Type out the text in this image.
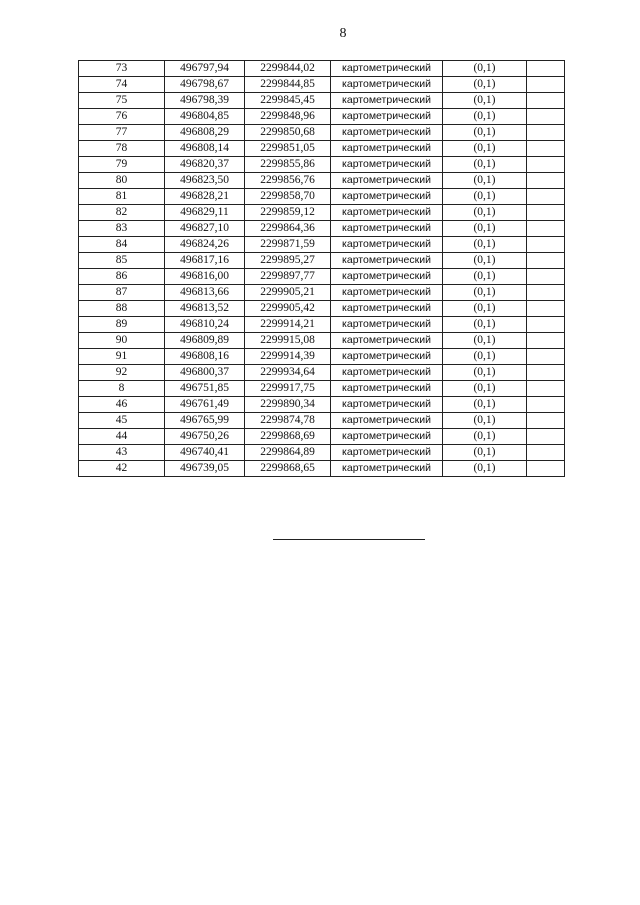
8
73	496797,94	2299844,02	картометрический	(0,1)	
74	496798,67	2299844,85	картометрический	(0,1)	
75	496798,39	2299845,45	картометрический	(0,1)	
76	496804,85	2299848,96	картометрический	(0,1)	
77	496808,29	2299850,68	картометрический	(0,1)	
78	496808,14	2299851,05	картометрический	(0,1)	
79	496820,37	2299855,86	картометрический	(0,1)	
80	496823,50	2299856,76	картометрический	(0,1)	
81	496828,21	2299858,70	картометрический	(0,1)	
82	496829,11	2299859,12	картометрический	(0,1)	
83	496827,10	2299864,36	картометрический	(0,1)	
84	496824,26	2299871,59	картометрический	(0,1)	
85	496817,16	2299895,27	картометрический	(0,1)	
86	496816,00	2299897,77	картометрический	(0,1)	
87	496813,66	2299905,21	картометрический	(0,1)	
88	496813,52	2299905,42	картометрический	(0,1)	
89	496810,24	2299914,21	картометрический	(0,1)	
90	496809,89	2299915,08	картометрический	(0,1)	
91	496808,16	2299914,39	картометрический	(0,1)	
92	496800,37	2299934,64	картометрический	(0,1)	
8	496751,85	2299917,75	картометрический	(0,1)	
46	496761,49	2299890,34	картометрический	(0,1)	
45	496765,99	2299874,78	картометрический	(0,1)	
44	496750,26	2299868,69	картометрический	(0,1)	
43	496740,41	2299864,89	картометрический	(0,1)	
42	496739,05	2299868,65	картометрический	(0,1)	
